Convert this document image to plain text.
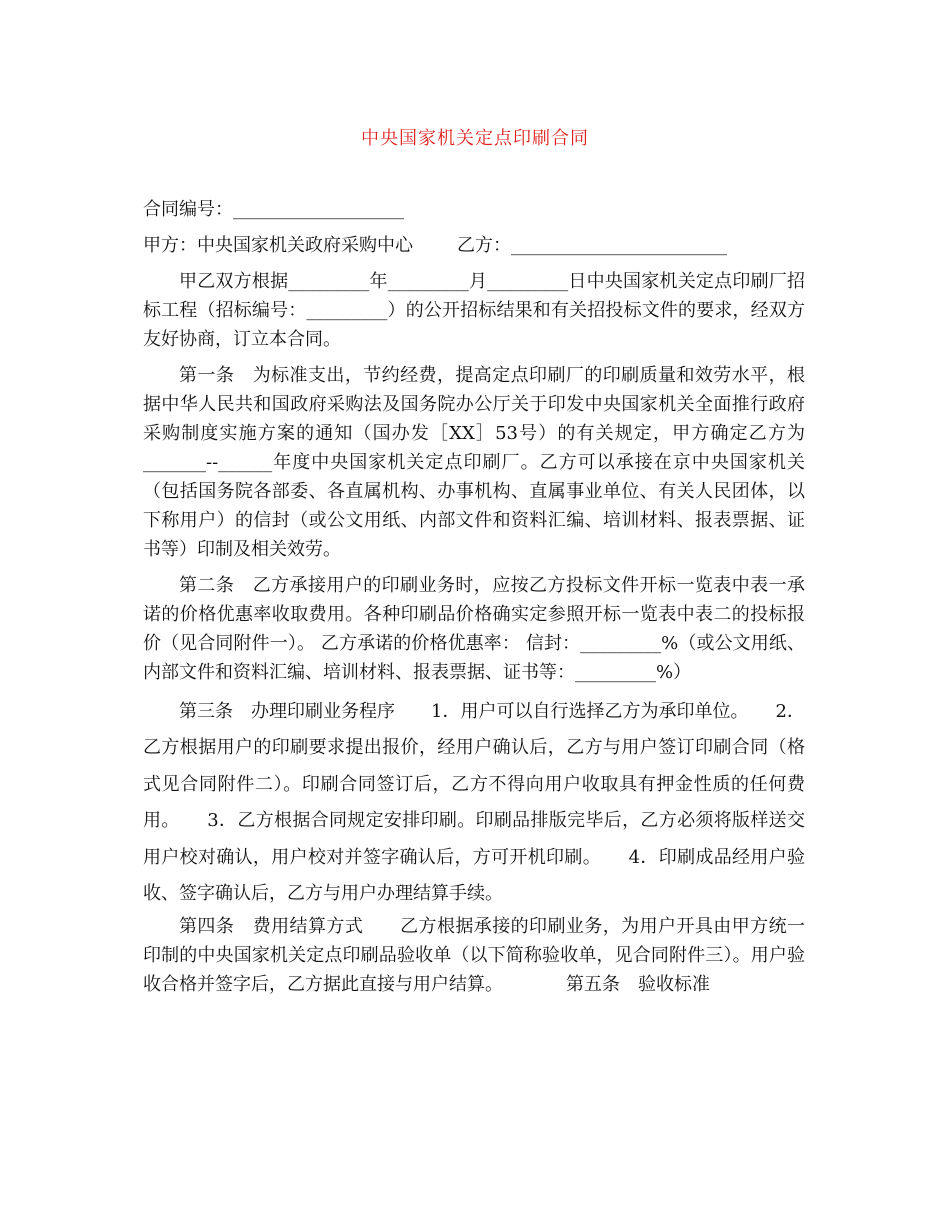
中央国家机关定点印刷合同

合同编号：___________________

甲方：中央国家机关政府采购中心 乙方：________________________

甲乙双方根据_________年_________月_________日中央国家机关定点印刷厂招标工程（招标编号：_________）的公开招标结果和有关招投标文件的要求，经双方友好协商，订立本合同。

第一条　为标准支出，节约经费，提高定点印刷厂的印刷质量和效劳水平，根据中华人民共和国政府采购法及国务院办公厅关于印发中央国家机关全面推行政府采购制度实施方案的通知（国办发［XX］53号）的有关规定，甲方确定乙方为_______--______年度中央国家机关定点印刷厂。乙方可以承接在京中央国家机关（包括国务院各部委、各直属机构、办事机构、直属事业单位、有关人民团体，以下称用户）的信封（或公文用纸、内部文件和资料汇编、培训材料、报表票据、证书等）印制及相关效劳。

第二条　乙方承接用户的印刷业务时，应按乙方投标文件开标一览表中表一承诺的价格优惠率收取费用。各种印刷品价格确实定参照开标一览表中表二的投标报价（见合同附件一）。 乙方承诺的价格优惠率： 信封：_________%（或公文用纸、内部文件和资料汇编、培训材料、报表票据、证书等：_________%）

第三条　办理印刷业务程序　　1．用户可以自行选择乙方为承印单位。　　2．乙方根据用户的印刷要求提出报价，经用户确认后，乙方与用户签订印刷合同（格式见合同附件二）。印刷合同签订后，乙方不得向用户收取具有押金性质的任何费用。　　3．乙方根据合同规定安排印刷。印刷品排版完毕后，乙方必须将版样送交用户校对确认，用户校对并签字确认后，方可开机印刷。　　4．印刷成品经用户验收、签字确认后，乙方与用户办理结算手续。

第四条　费用结算方式　　乙方根据承接的印刷业务，为用户开具由甲方统一印制的中央国家机关定点印刷品验收单（以下简称验收单，见合同附件三）。用户验收合格并签字后，乙方据此直接与用户结算。　　　　第五条　验收标准
